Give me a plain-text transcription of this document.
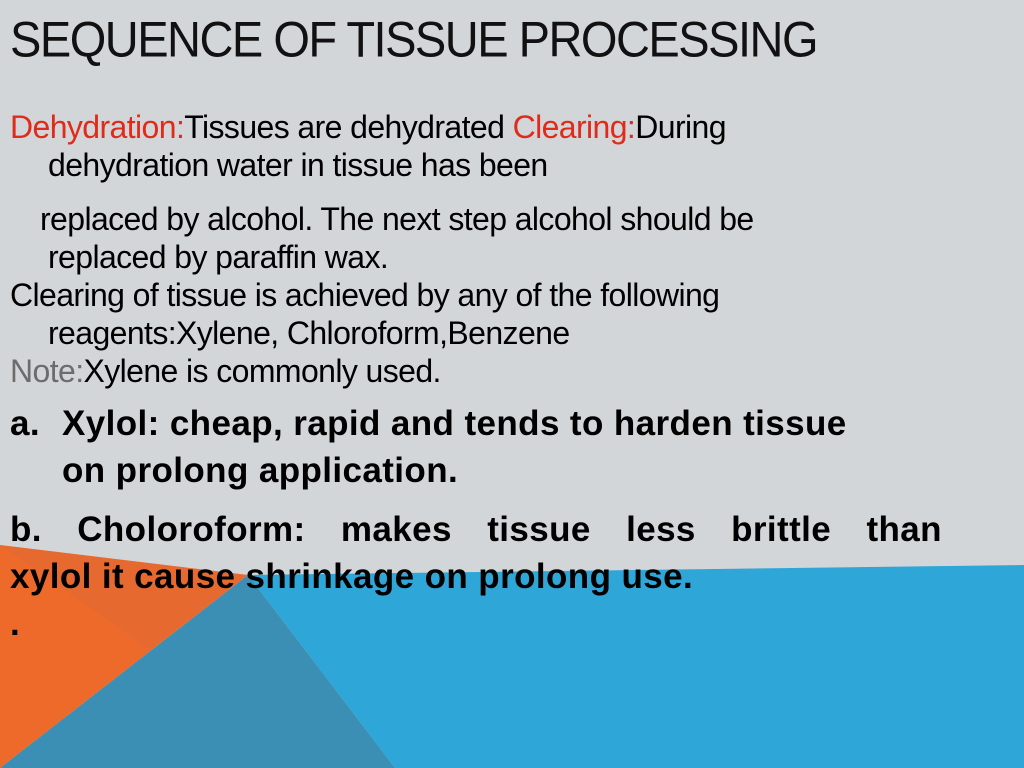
SEQUENCE OF TISSUE PROCESSING
Dehydration:Tissues are dehydrated Clearing:During
dehydration water in tissue has been
replaced by alcohol. The next step alcohol should be
replaced by paraffin wax.
Clearing of tissue is achieved by any of the following
reagents:Xylene, Chloroform,Benzene
Note:Xylene is commonly used.
a. Xylol: cheap, rapid and tends to harden tissue
on prolong application.
b. Choloroform: makes tissue less brittle than
xylol it cause shrinkage on prolong use.
.
